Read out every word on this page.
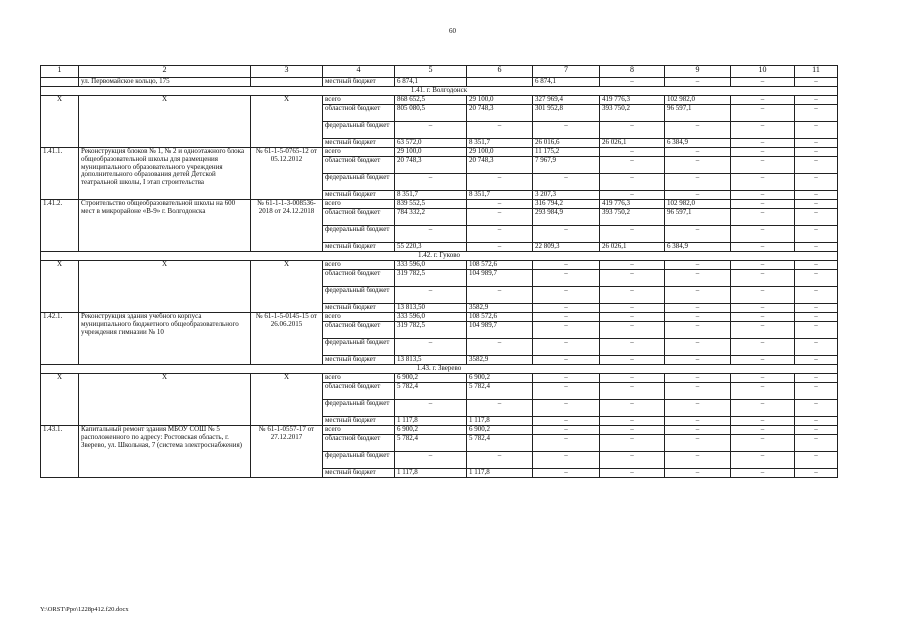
60
1	2	3	4	5	6	7	8	9	10	11
	ул. Первомайское кольцо, 175		местный бюджет	6 874,1		6 874,1	–	–	–	–
1.41. г. Волгодонск										
Х	Х	Х	всего	868 652,5	29 100,0	327 969,4	419 776,3	102 982,0	–	–
			областной бюджет	805 080,5	20 748,3	301 952,8	393 750,2	96 597,1	–	–
			федеральный бюджет	–	–	–	–	–	–	–
			местный бюджет	63 572,0	8 351,7	26 016,6	26 026,1	6 384,9	–	–
1.41.1.	Реконструкция блоков № 1, № 2 и одноэтажного блока общеобразовательной школы для размещения муниципального образовательного учреждения дополнительного образования детей Детской театральной школы, I этап строительства	№ 61-1-5-0765-12 от 05.12.2012	всего	29 100,0	29 100,0	11 175,2	–	–	–	–
			областной бюджет	20 748,3	20 748,3	7 967,9	–	–	–	–
			федеральный бюджет	–	–	–	–	–	–	–
			местный бюджет	8 351,7	8 351,7	3 207,3	–	–	–	–
1.41.2.	Строительство общеобразовательной школы на 600 мест в микрорайоне «В-9» г. Волгодонска	№ 61-1-1-3-008536-2018 от 24.12.2018	всего	839 552,5	–	316 794,2	419 776,3	102 982,0	–	–
			областной бюджет	784 332,2	–	293 984,9	393 750,2	96 597,1	–	–
			федеральный бюджет	–	–	–	–	–	–	–
			местный бюджет	55 220,3	–	22 809,3	26 026,1	6 384,9	–	–
1.42. г. Гуково										
Х	Х	Х	всего	333 596,0	108 572,6	–	–	–	–	–
			областной бюджет	319 782,5	104 989,7	–	–	–	–	–
			федеральный бюджет	–	–	–	–	–	–	–
			местный бюджет	13 813,50	3582,9	–	–	–	–	–
1.42.1.	Реконструкция здания учебного корпуса муниципального бюджетного общеобразовательного учреждения гимназии № 10	№ 61-1-5-0145-15 от 26.06.2015	всего	333 596,0	108 572,6	–	–	–	–	–
			областной бюджет	319 782,5	104 989,7	–	–	–	–	–
			федеральный бюджет	–	–	–	–	–	–	–
			местный бюджет	13 813,5	3582,9	–	–	–	–	–
1.43. г. Зверево										
Х	Х	Х	всего	6 900,2	6 900,2	–	–	–	–	–
			областной бюджет	5 782,4	5 782,4	–	–	–	–	–
			федеральный бюджет	–	–	–	–	–	–	–
			местный бюджет	1 117,8	1 117,8	–	–	–	–	–
1.43.1.	Капитальный ремонт здания МБОУ СОШ № 5 расположенного по адресу: Ростовская область, г. Зверево, ул. Школьная, 7 (система электроснабжения)	№ 61-1-0557-17 от 27.12.2017	всего	6 900,2	6 900,2	–	–	–	–	–
			областной бюджет	5 782,4	5 782,4	–	–	–	–	–
			федеральный бюджет	–	–	–	–	–	–	–
			местный бюджет	1 117,8	1 117,8	–	–	–	–	–
Y:\ORST\Ppo\1228p412.f20.docx
